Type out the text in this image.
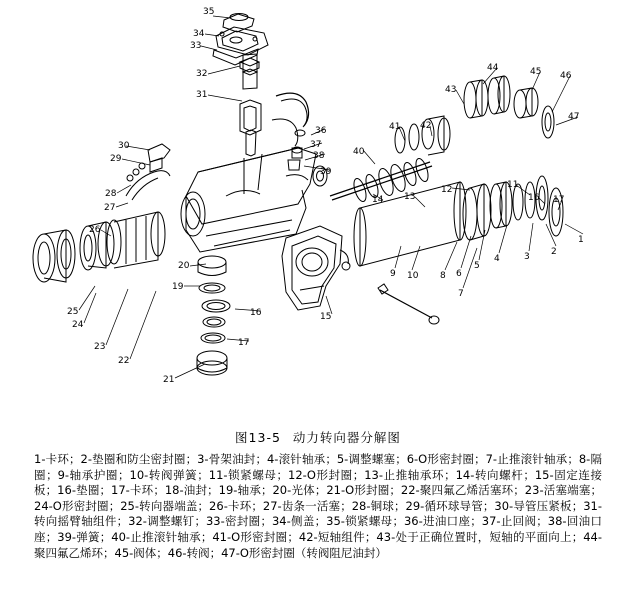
35
34
33
44	45 46
32
31	43
47
36	41 42
37
38
30
29
40
39
12	11
28	13
27
14	16 17
26
1
2
3
4
5
20
19
6
8
10
9
7
25	16
24
15
17
23
22
21
图13-5 动力转向器分解图
1-卡环；2-垫圈和防尘密封圈；3-骨架油封；4-滚针轴承；5-调整螺塞；6-O形密封圈；7-止推滚针轴承；8-隔圈；9-轴承护圈；10-转阀弹簧；11-锁紧螺母；12-O形封圈；13-止推轴承环；14-转向螺杆；15-固定连接板；16-垫圈；17-卡环；18-油封；19-轴承；20-光体；21-O形封圈；22-聚四氟乙烯活塞环；23-活塞端塞；24-O形密封圈；25-转向器端盖；26-卡环；27-齿条一活塞；28-铜球；29-循环球导管；30-导管压紧板；31-转向摇臂轴组件；32-调整螺钉；33-密封圈；34-侧盖；35-锁紧螺母；36-进油口座；37-止回阀；38-回油口座；39-弹簧；40-止推滚针轴承；41-O形密封圈；42-短轴组件；43-处于正确位置时，短轴的平面向上；44-聚四氟乙烯环；45-阀体；46-转阀；47-O形密封圈（转阀阻尼油封）
